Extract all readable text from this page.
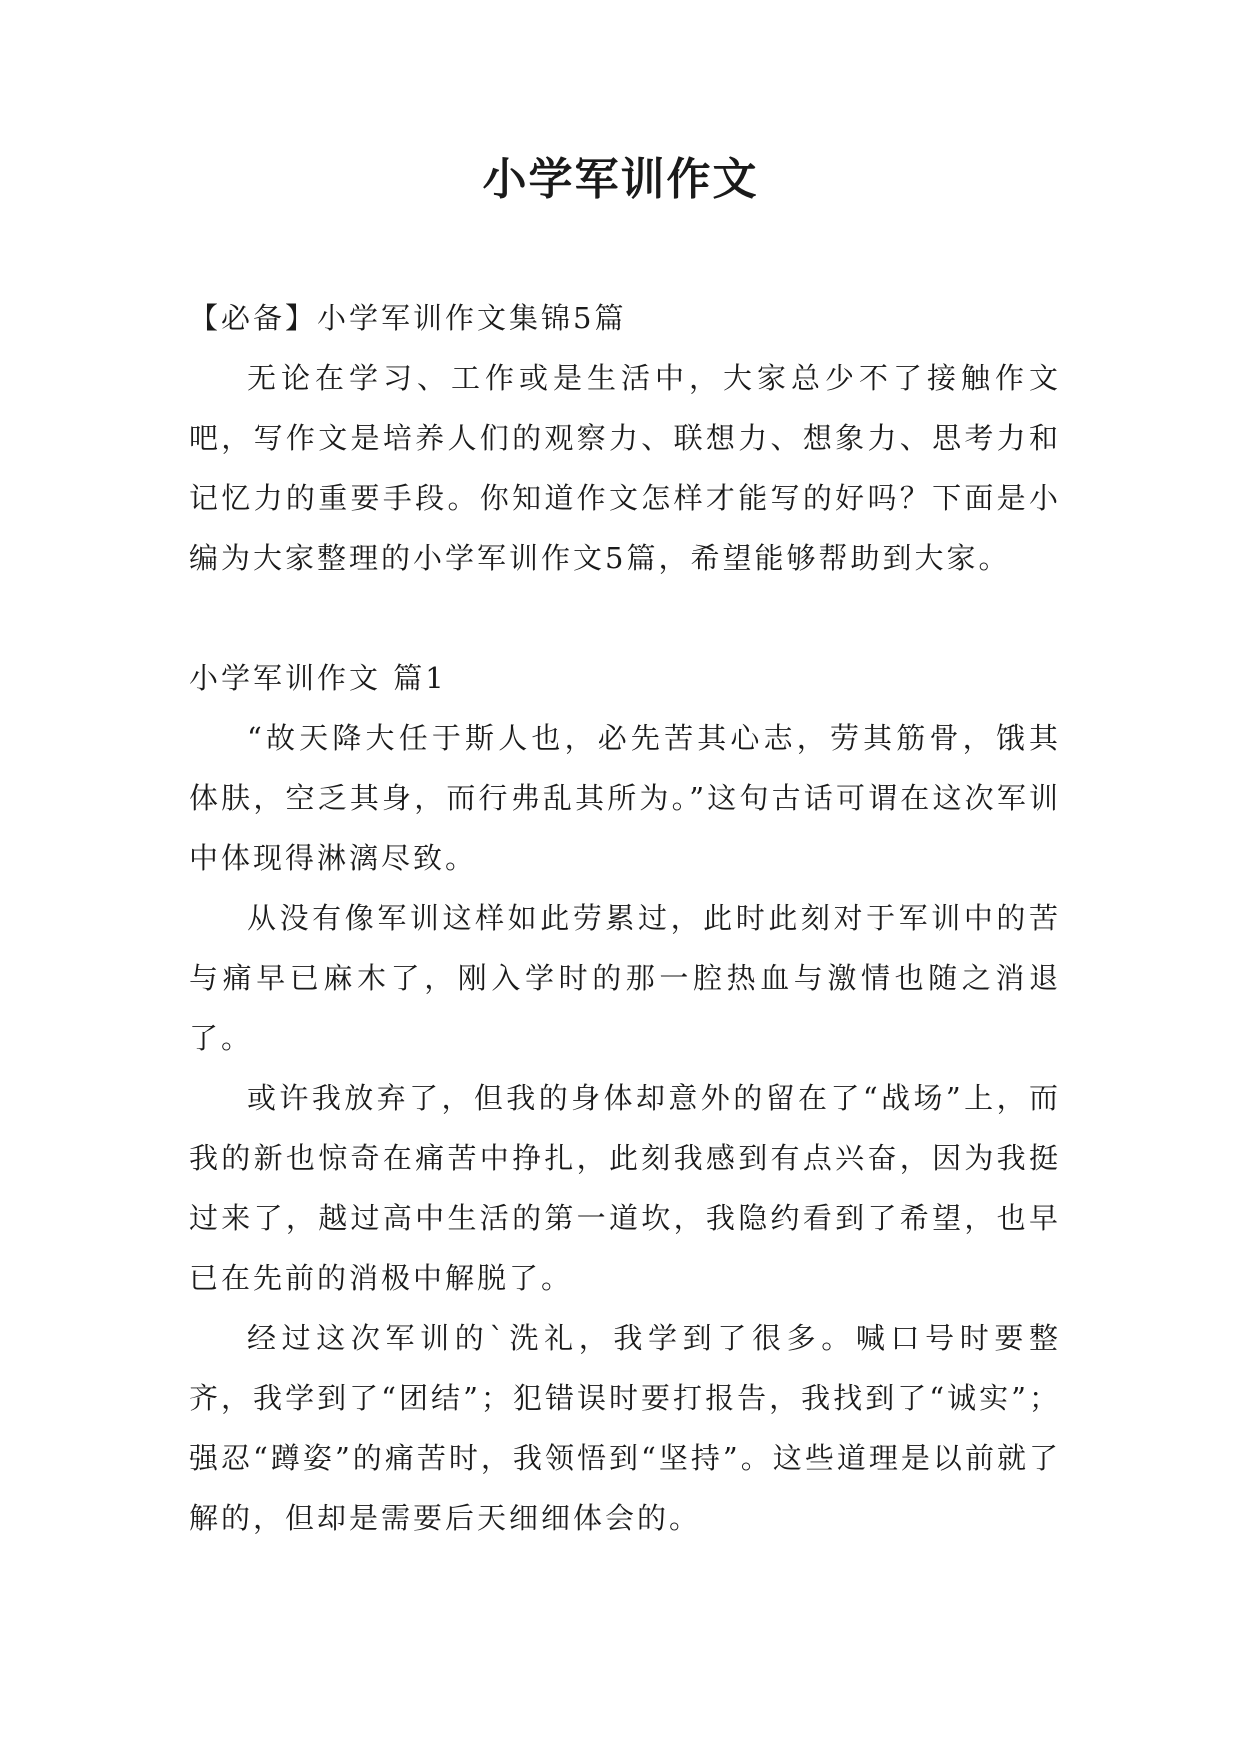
小学军训作文

【必备】小学军训作文集锦5篇

无论在学习、工作或是生活中，大家总少不了接触作文吧，写作文是培养人们的观察力、联想力、想象力、思考力和记忆力的重要手段。你知道作文怎样才能写的好吗？下面是小编为大家整理的小学军训作文5篇，希望能够帮助到大家。

小学军训作文 篇1

“故天降大任于斯人也，必先苦其心志，劳其筋骨，饿其体肤，空乏其身，而行弗乱其所为。”这句古话可谓在这次军训中体现得淋漓尽致。

从没有像军训这样如此劳累过，此时此刻对于军训中的苦与痛早已麻木了，刚入学时的那一腔热血与激情也随之消退了。

或许我放弃了，但我的身体却意外的留在了“战场”上，而我的新也惊奇在痛苦中挣扎，此刻我感到有点兴奋，因为我挺过来了，越过高中生活的第一道坎，我隐约看到了希望，也早已在先前的消极中解脱了。

经过这次军训的`洗礼，我学到了很多。喊口号时要整齐，我学到了“团结”；犯错误时要打报告，我找到了“诚实”；强忍“蹲姿”的痛苦时，我领悟到“坚持”。这些道理是以前就了解的，但却是需要后天细细体会的。
